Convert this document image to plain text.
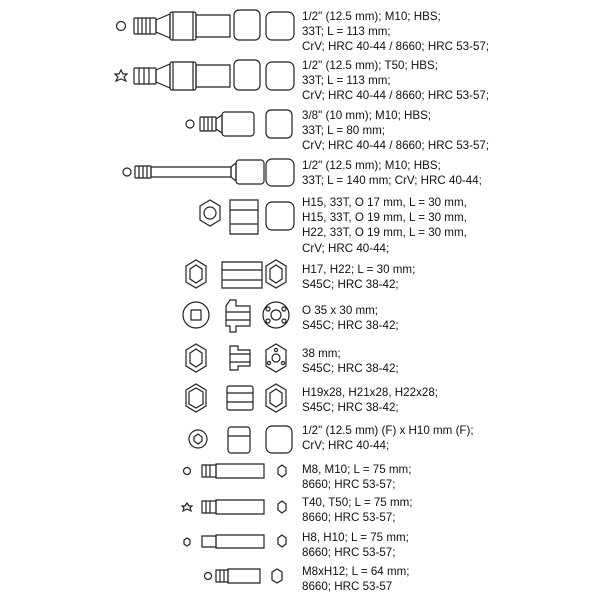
1/2" (12.5 mm); M10; HBS;
33T; L = 113 mm;
CrV; HRC 40-44 / 8660; HRC 53-57;
1/2" (12.5 mm); T50; HBS;
33T; L = 113 mm;
CrV; HRC 40-44 / 8660; HRC 53-57;
3/8" (10 mm); M10; HBS;
33T; L = 80 mm;
CrV; HRC 40-44 / 8660; HRC 53-57;
1/2" (12.5 mm); M10; HBS;
33T; L = 140 mm; CrV; HRC 40-44;
H15, 33T, O 17 mm, L = 30 mm,
H15, 33T, O 19 mm, L = 30 mm,
H22, 33T, O 19 mm, L = 30 mm,
CrV; HRC 40-44;
H17, H22; L = 30 mm;
S45C; HRC 38-42;
O 35 x 30 mm;
S45C; HRC 38-42;
38 mm;
S45C; HRC 38-42;
H19x28, H21x28, H22x28;
S45C; HRC 38-42;
1/2" (12.5 mm) (F) x H10 mm (F);
CrV; HRC 40-44;
M8, M10; L = 75 mm;
8660; HRC 53-57;
T40, T50; L = 75 mm;
8660; HRC 53-57;
H8, H10; L = 75 mm;
8660; HRC 53-57;
M8xH12; L = 64 mm;
8660; HRC 53-57
